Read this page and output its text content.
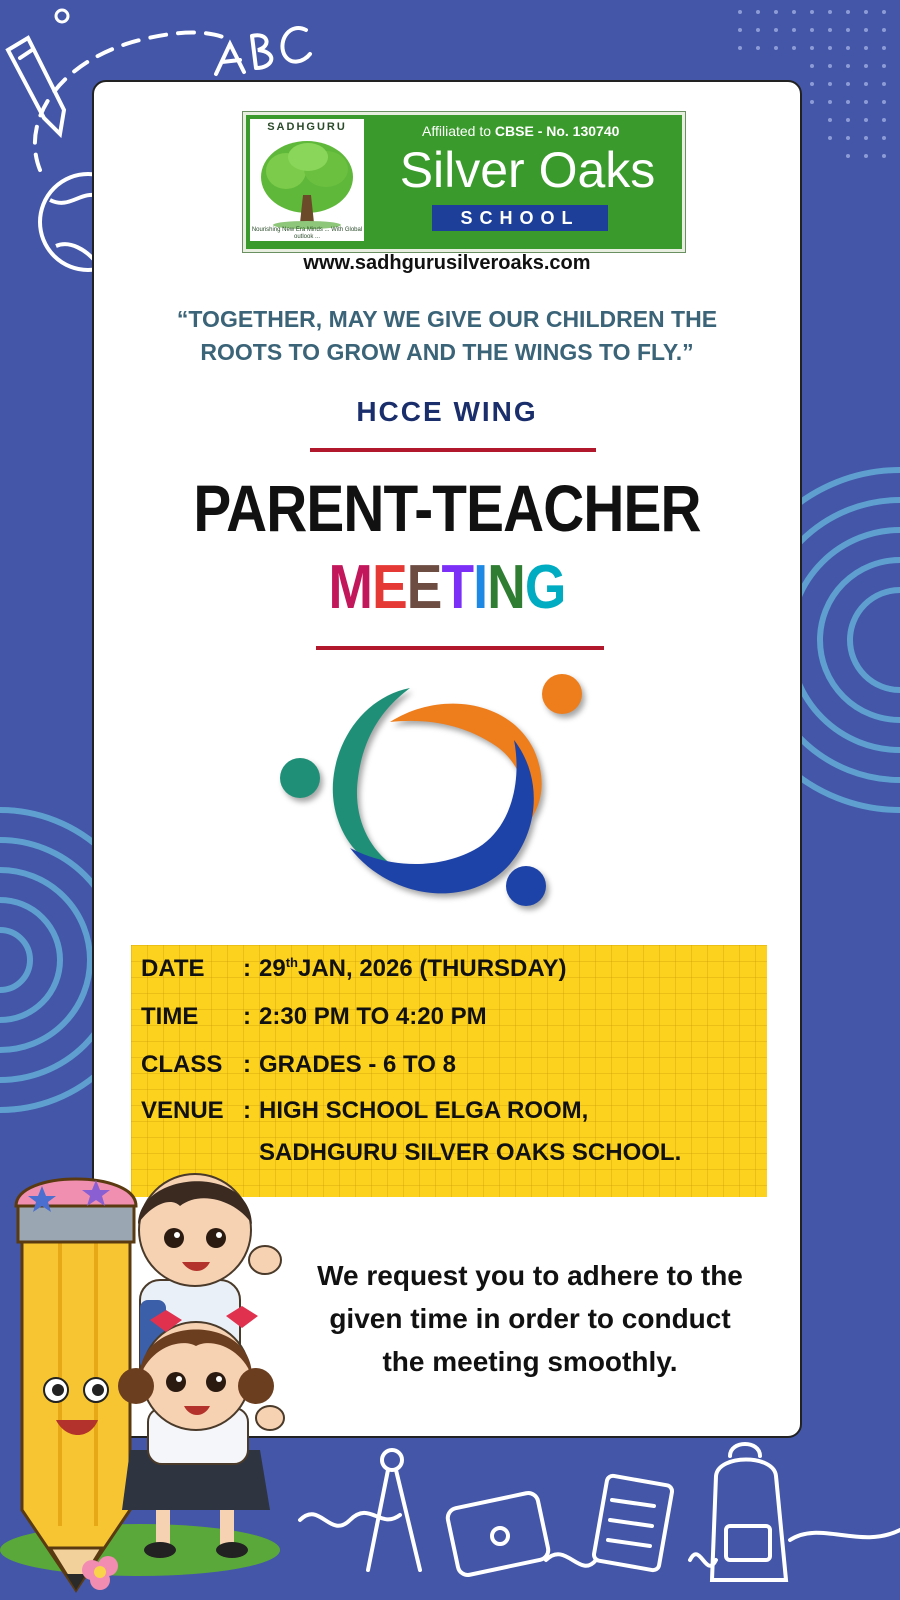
SADHGURU
Nourishing New Era Minds ... With Global outlook ...
Affiliated to CBSE - No. 130740
Silver Oaks
SCHOOL
www.sadhgurusilveroaks.com
“TOGETHER, MAY WE GIVE OUR CHILDREN THE
ROOTS TO GROW AND THE WINGS TO FLY.”
HCCE WING
PARENT-TEACHER
MEETING
DATE : 29thJAN, 2026 (THURSDAY)
TIME : 2:30 PM TO 4:20 PM
CLASS : GRADES - 6 TO 8
VENUE : HIGH SCHOOL ELGA ROOM,
SADHGURU SILVER OAKS SCHOOL.
We request you to adhere to the
given time in order to conduct
the meeting smoothly.
